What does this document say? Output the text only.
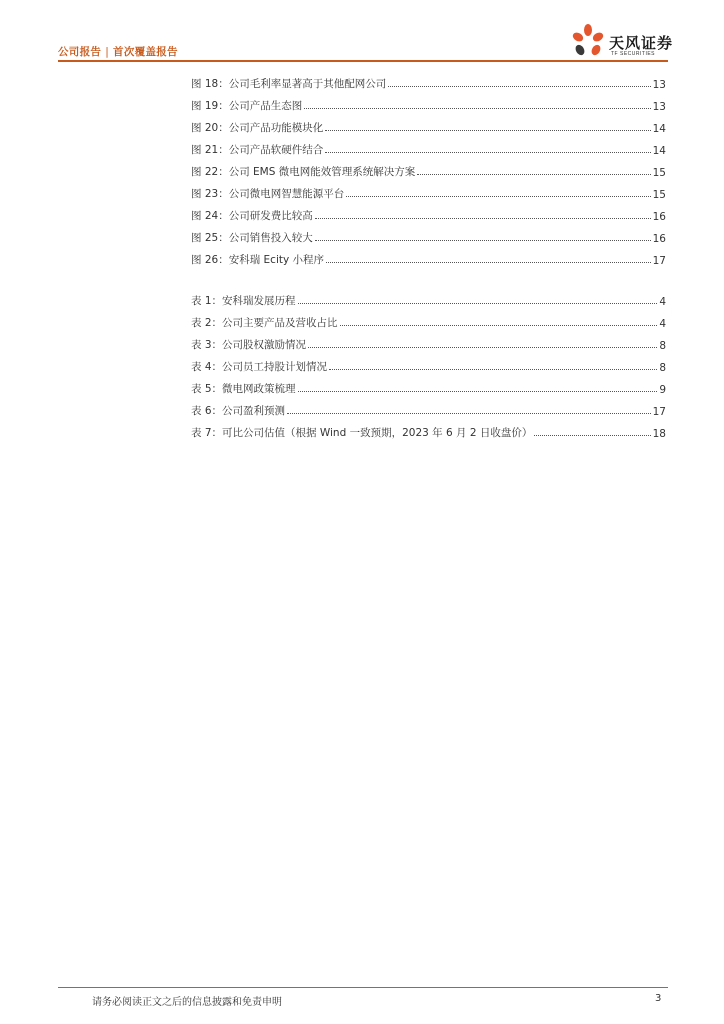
公司报告 | 首次覆盖报告	天风证券
TF SECURITIES
图 18：公司毛利率显著高于其他配网公司	13
图 19：公司产品生态图	13
图 20：公司产品功能模块化	14
图 21：公司产品软硬件结合	14
图 22：公司 EMS 微电网能效管理系统解决方案	15
图 23：公司微电网智慧能源平台	15
图 24：公司研发费比较高	16
图 25：公司销售投入较大	16
图 26：安科瑞 Ecity 小程序	17
表 1：安科瑞发展历程	4
表 2：公司主要产品及营收占比	4
表 3：公司股权激励情况	8
表 4：公司员工持股计划情况	8
表 5：微电网政策梳理	9
表 6：公司盈利预测	17
表 7：可比公司估值（根据 Wind 一致预期，2023 年 6 月 2 日收盘价）	18
请务必阅读正文之后的信息披露和免责申明	3
